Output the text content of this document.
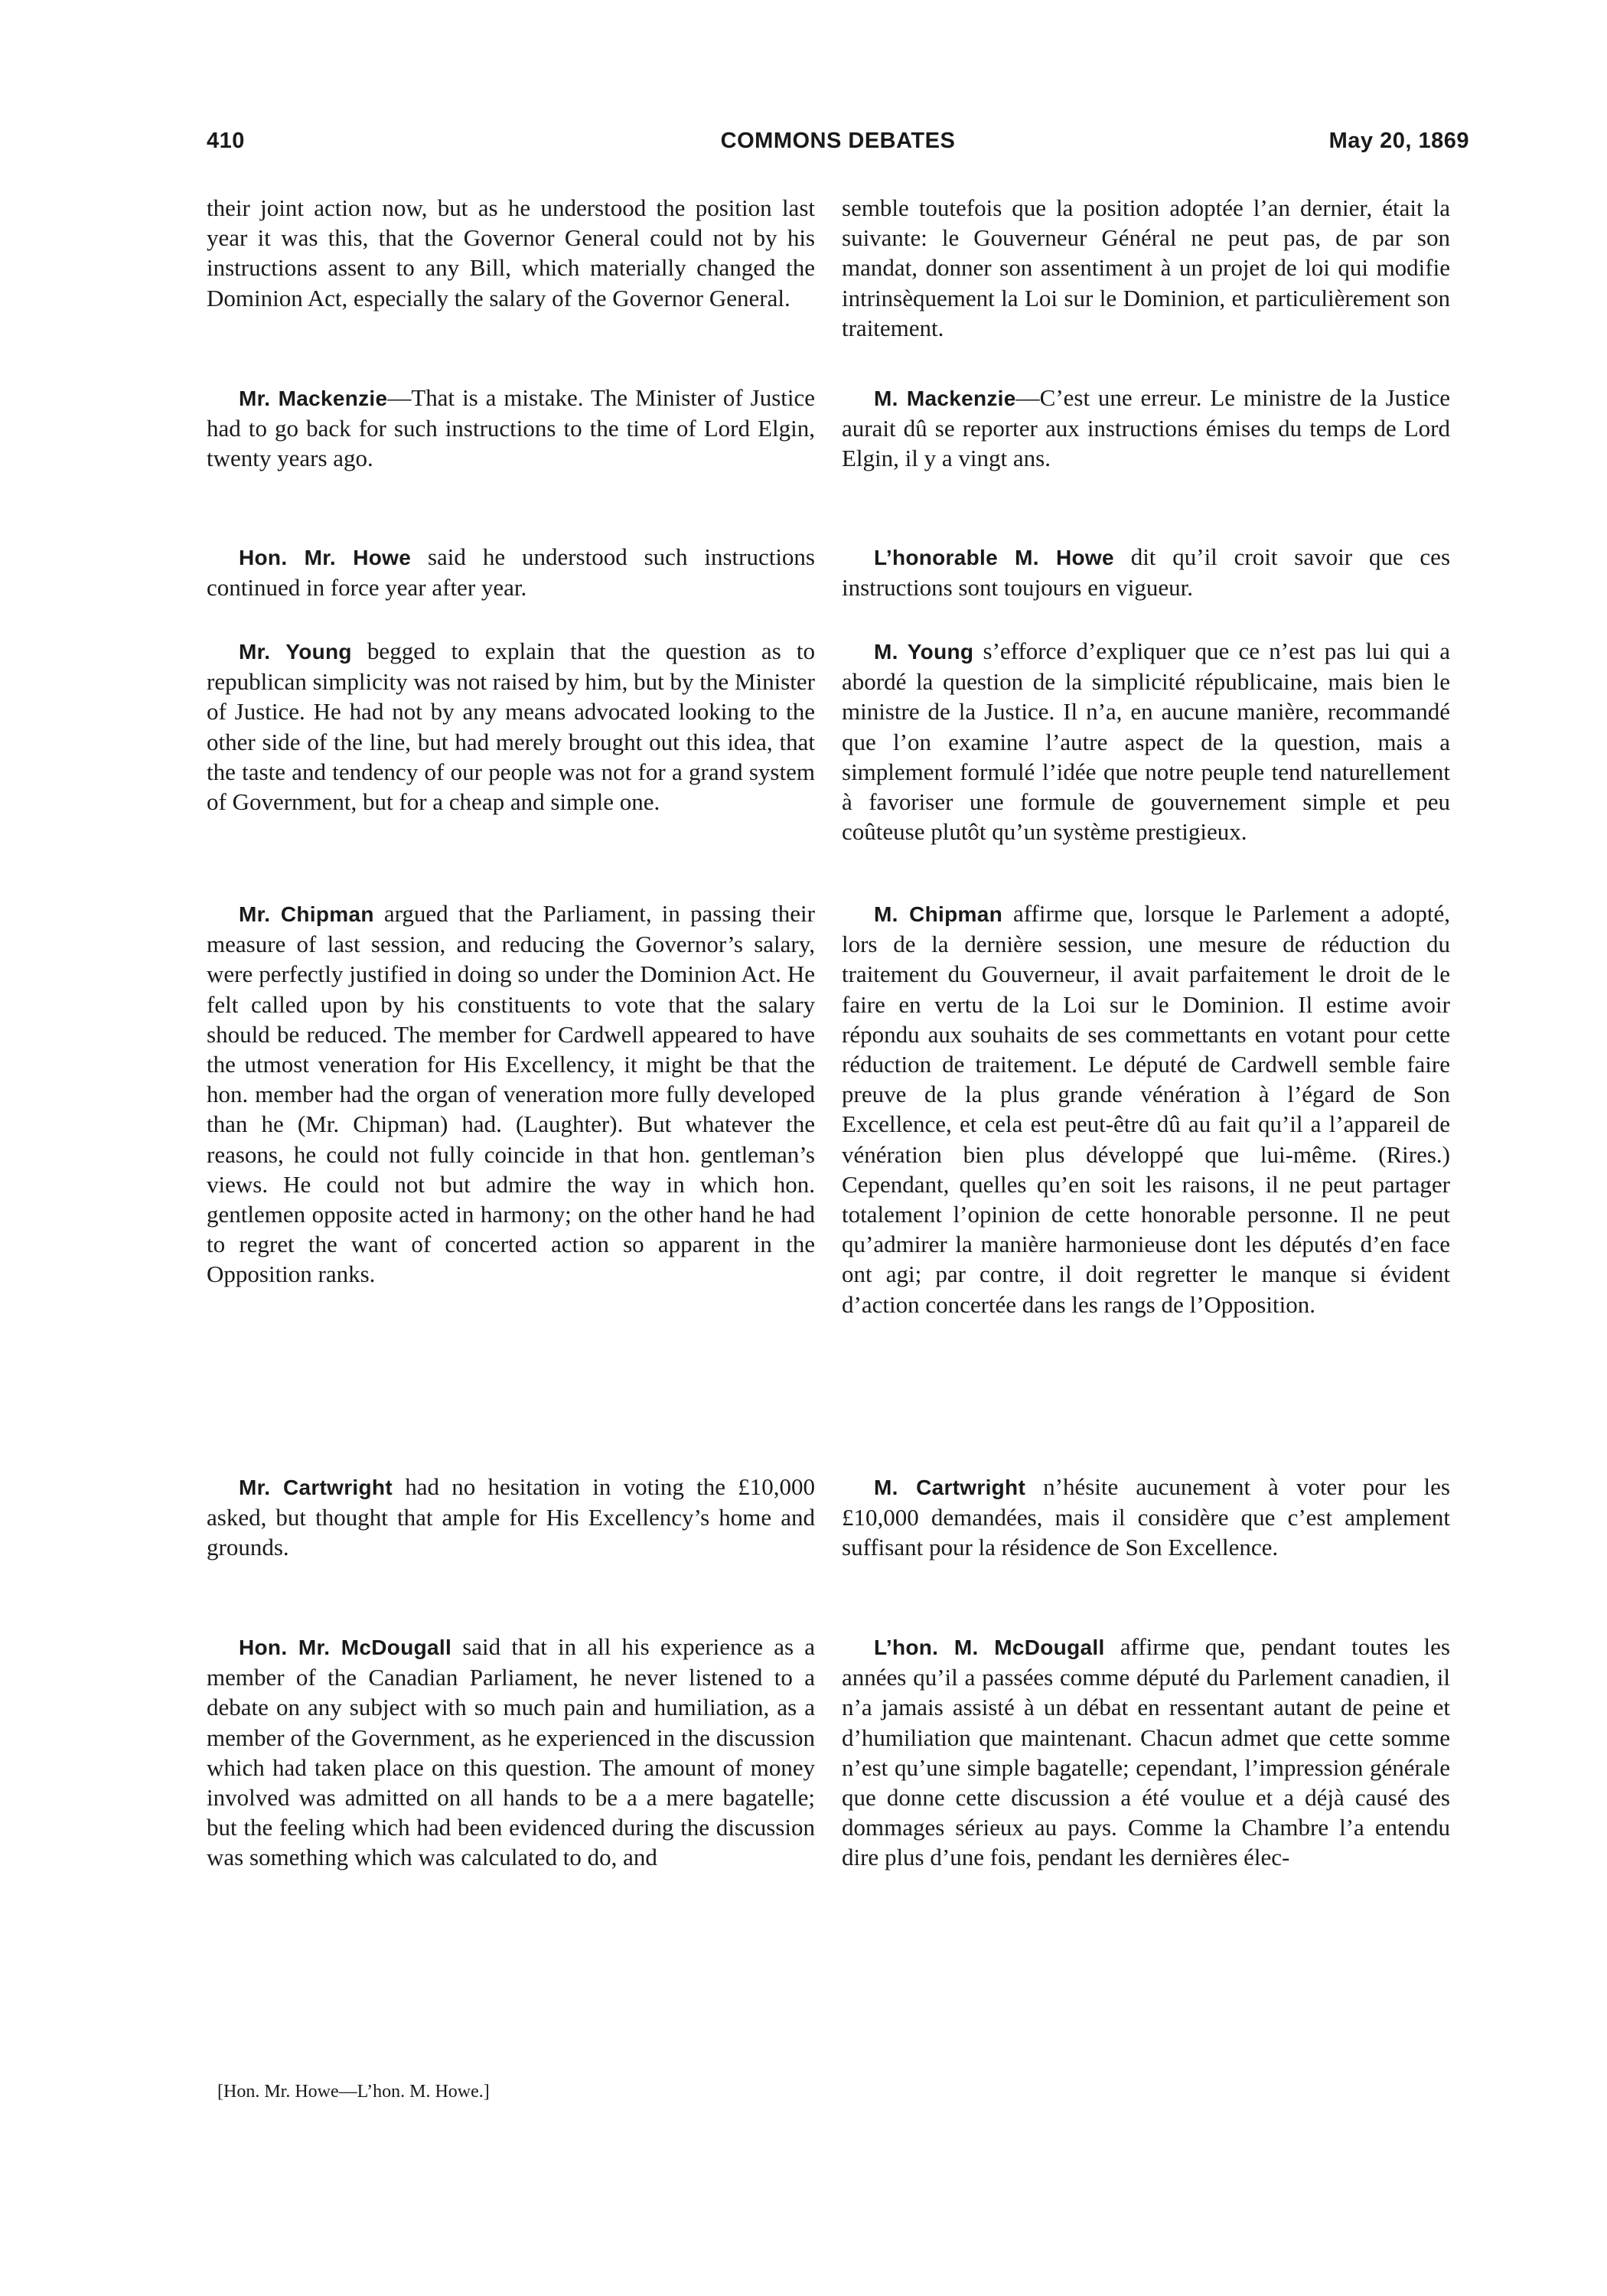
410	COMMONS DEBATES	May 20, 1869

their joint action now, but as he understood the position last year it was this, that the Governor General could not by his instructions assent to any Bill, which materially changed the Dominion Act, especially the salary of the Governor General.

Mr. Mackenzie—That is a mistake. The Minister of Justice had to go back for such instructions to the time of Lord Elgin, twenty years ago.

Hon. Mr. Howe said he understood such instructions continued in force year after year.

Mr. Young begged to explain that the question as to republican simplicity was not raised by him, but by the Minister of Justice. He had not by any means advocated looking to the other side of the line, but had merely brought out this idea, that the taste and tendency of our people was not for a grand system of Government, but for a cheap and simple one.

Mr. Chipman argued that the Parliament, in passing their measure of last session, and reducing the Governor’s salary, were perfectly justified in doing so under the Dominion Act. He felt called upon by his constituents to vote that the salary should be reduced. The member for Cardwell appeared to have the utmost veneration for His Excellency, it might be that the hon. member had the organ of veneration more fully developed than he (Mr. Chipman) had. (Laughter). But whatever the reasons, he could not fully coincide in that hon. gentleman’s views. He could not but admire the way in which hon. gentlemen opposite acted in harmony; on the other hand he had to regret the want of concerted action so apparent in the Opposition ranks.

Mr. Cartwright had no hesitation in voting the £10,000 asked, but thought that ample for His Excellency’s home and grounds.

Hon. Mr. McDougall said that in all his experience as a member of the Canadian Parliament, he never listened to a debate on any subject with so much pain and humiliation, as a member of the Government, as he experienced in the discussion which had taken place on this question. The amount of money involved was admitted on all hands to be a a mere bagatelle; but the feeling which had been evidenced during the discussion was something which was calculated to do, and

semble toutefois que la position adoptée l’an dernier, était la suivante: le Gouverneur Général ne peut pas, de par son mandat, donner son assentiment à un projet de loi qui modifie intrinsèquement la Loi sur le Dominion, et particulièrement son traitement.

M. Mackenzie—C’est une erreur. Le ministre de la Justice aurait dû se reporter aux instructions émises du temps de Lord Elgin, il y a vingt ans.

L’honorable M. Howe dit qu’il croit savoir que ces instructions sont toujours en vigueur.

M. Young s’efforce d’expliquer que ce n’est pas lui qui a abordé la question de la simplicité républicaine, mais bien le ministre de la Justice. Il n’a, en aucune manière, recommandé que l’on examine l’autre aspect de la question, mais a simplement formulé l’idée que notre peuple tend naturellement à favoriser une formule de gouvernement simple et peu coûteuse plutôt qu’un système prestigieux.

M. Chipman affirme que, lorsque le Parlement a adopté, lors de la dernière session, une mesure de réduction du traitement du Gouverneur, il avait parfaitement le droit de le faire en vertu de la Loi sur le Dominion. Il estime avoir répondu aux souhaits de ses commettants en votant pour cette réduction de traitement. Le député de Cardwell semble faire preuve de la plus grande vénération à l’égard de Son Excellence, et cela est peut-être dû au fait qu’il a l’appareil de vénération bien plus développé que lui-même. (Rires.) Cependant, quelles qu’en soit les raisons, il ne peut partager totalement l’opinion de cette honorable personne. Il ne peut qu’admirer la manière harmonieuse dont les députés d’en face ont agi; par contre, il doit regretter le manque si évident d’action concertée dans les rangs de l’Opposition.

M. Cartwright n’hésite aucunement à voter pour les £10,000 demandées, mais il considère que c’est amplement suffisant pour la résidence de Son Excellence.

L’hon. M. McDougall affirme que, pendant toutes les années qu’il a passées comme député du Parlement canadien, il n’a jamais assisté à un débat en ressentant autant de peine et d’humiliation que maintenant. Chacun admet que cette somme n’est qu’une simple bagatelle; cependant, l’impression générale que donne cette discussion a été voulue et a déjà causé des dommages sérieux au pays. Comme la Chambre l’a entendu dire plus d’une fois, pendant les dernières élec-

[Hon. Mr. Howe—L’hon. M. Howe.]
